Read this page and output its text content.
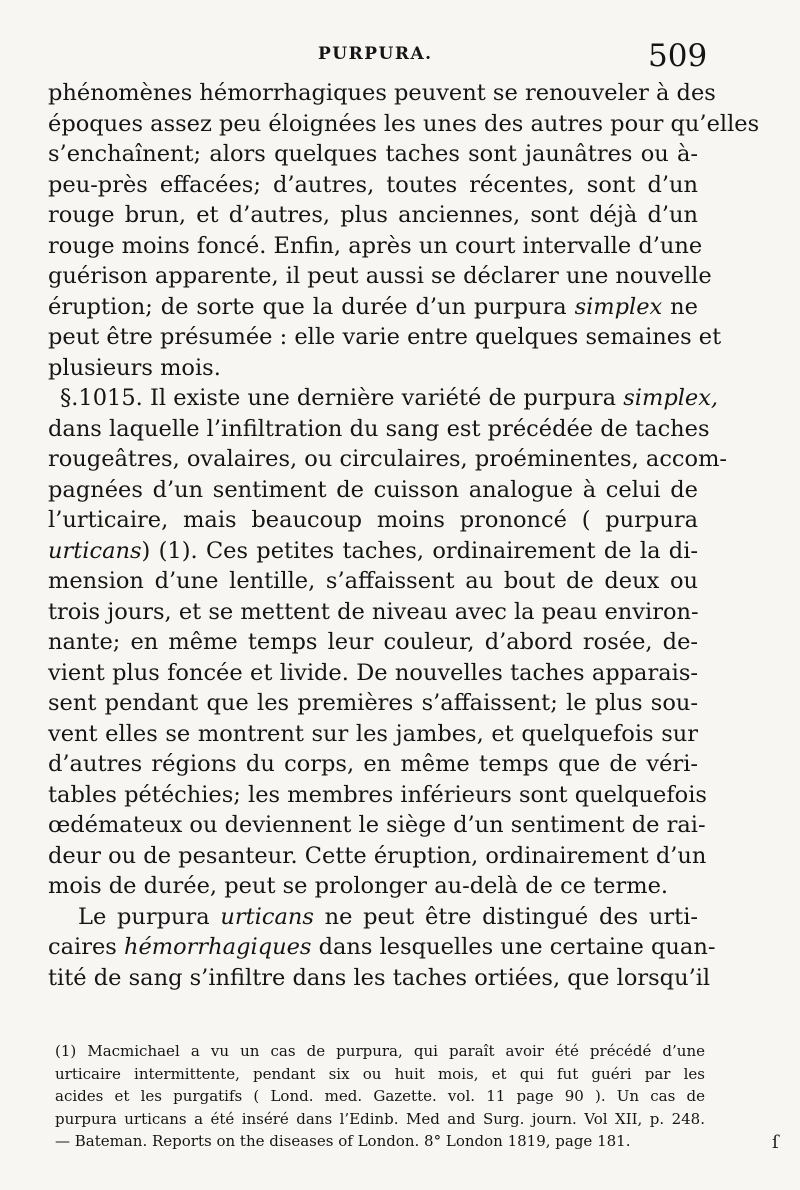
PURPURA.	509
phénomènes hémorrhagiques peuvent se renouveler à des
époques assez peu éloignées les unes des autres pour qu’elles
s’enchaînent; alors quelques taches sont jaunâtres ou à-
peu-près effacées; d’autres, toutes récentes, sont d’un
rouge brun, et d’autres, plus anciennes, sont déjà d’un
rouge moins foncé. Enfin, après un court intervalle d’une
guérison apparente, il peut aussi se déclarer une nouvelle
éruption; de sorte que la durée d’un purpura simplex ne
peut être présumée : elle varie entre quelques semaines et
plusieurs mois.
§.1015. Il existe une dernière variété de purpura simplex,
dans laquelle l’infiltration du sang est précédée de taches
rougeâtres, ovalaires, ou circulaires, proéminentes, accom-
pagnées d’un sentiment de cuisson analogue à celui de
l’urticaire, mais beaucoup moins prononcé ( purpura
urticans) (1). Ces petites taches, ordinairement de la di-
mension d’une lentille, s’affaissent au bout de deux ou
trois jours, et se mettent de niveau avec la peau environ-
nante; en même temps leur couleur, d’abord rosée, de-
vient plus foncée et livide. De nouvelles taches apparais-
sent pendant que les premières s’affaissent; le plus sou-
vent elles se montrent sur les jambes, et quelquefois sur
d’autres régions du corps, en même temps que de véri-
tables pétéchies; les membres inférieurs sont quelquefois
œdémateux ou deviennent le siège d’un sentiment de rai-
deur ou de pesanteur. Cette éruption, ordinairement d’un
mois de durée, peut se prolonger au-delà de ce terme.
Le purpura urticans ne peut être distingué des urti-
caires hémorrhagiques dans lesquelles une certaine quan-
tité de sang s’infiltre dans les taches ortiées, que lorsqu’il
(1) Macmichael a vu un cas de purpura, qui paraît avoir été précédé d’une
urticaire intermittente, pendant six ou huit mois, et qui fut guéri par les
acides et les purgatifs ( Lond. med. Gazette. vol. 11 page 90 ). Un cas de
purpura urticans a été inséré dans l’Edinb. Med and Surg. journ. Vol XII, p. 248.
— Bateman. Reports on the diseases of London. 8° London 1819, page 181.	ſ
